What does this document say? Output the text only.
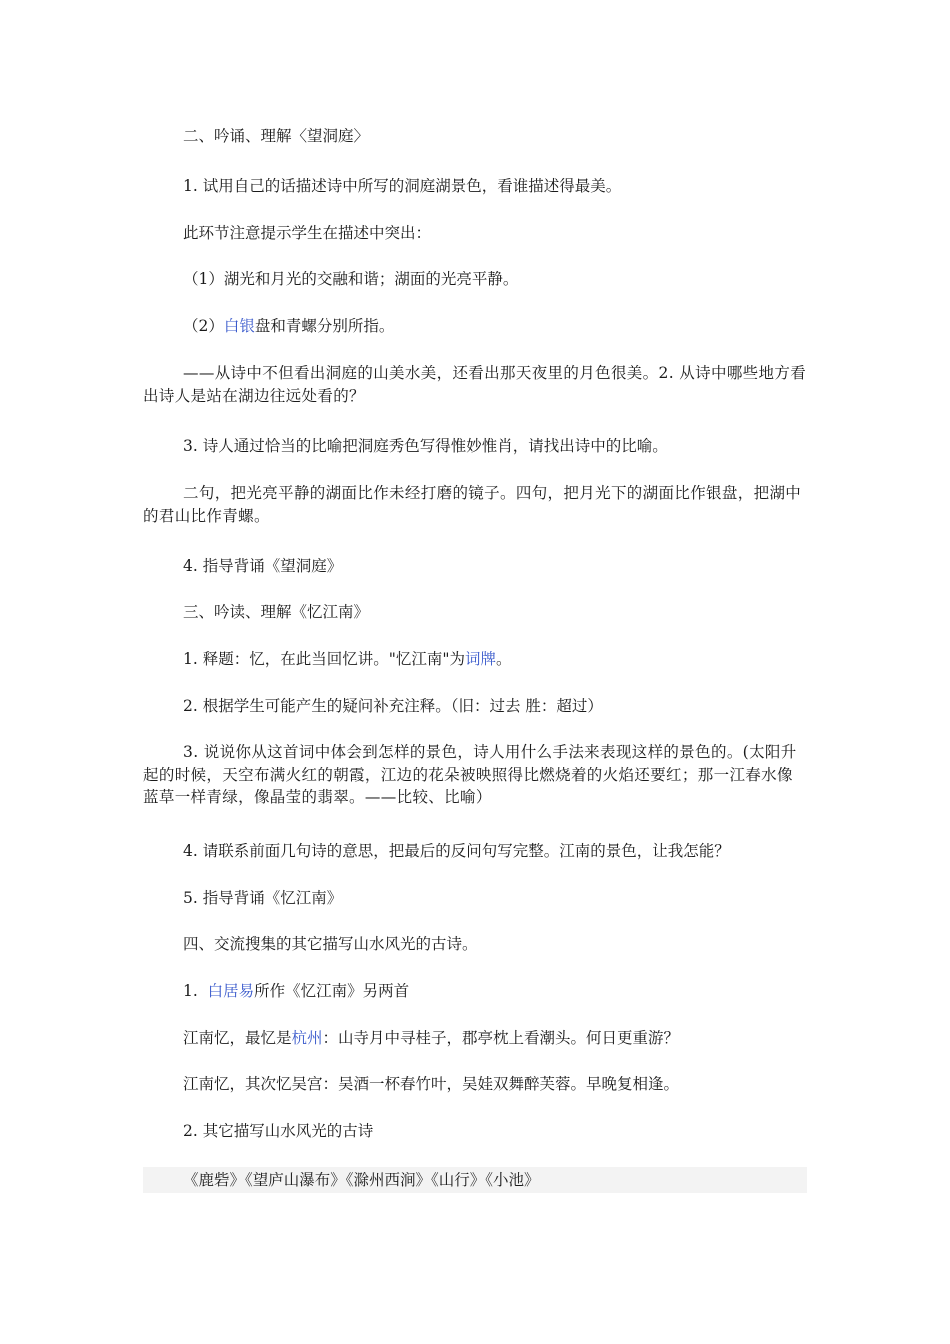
二、吟诵、理解〈望洞庭〉
1. 试用自己的话描述诗中所写的洞庭湖景色，看谁描述得最美。
此环节注意提示学生在描述中突出：
（1）湖光和月光的交融和谐；湖面的光亮平静。
（2）白银盘和青螺分别所指。
——从诗中不但看出洞庭的山美水美，还看出那天夜里的月色很美。2. 从诗中哪些地方看出诗人是站在湖边往远处看的？
3. 诗人通过恰当的比喻把洞庭秀色写得惟妙惟肖，请找出诗中的比喻。
二句，把光亮平静的湖面比作未经打磨的镜子。四句，把月光下的湖面比作银盘，把湖中的君山比作青螺。
4. 指导背诵《望洞庭》
三、吟读、理解《忆江南》
1. 释题：忆，在此当回忆讲。"忆江南"为词牌。
2. 根据学生可能产生的疑问补充注释。（旧：过去 胜：超过）
3. 说说你从这首词中体会到怎样的景色，诗人用什么手法来表现这样的景色的。(太阳升起的时候，天空布满火红的朝霞，江边的花朵被映照得比燃烧着的火焰还要红；那一江春水像蓝草一样青绿，像晶莹的翡翠。——比较、比喻）
4. 请联系前面几句诗的意思，把最后的反问句写完整。江南的景色，让我怎能？
5. 指导背诵《忆江南》
四、交流搜集的其它描写山水风光的古诗。
1.  白居易所作《忆江南》另两首
江南忆，最忆是杭州：山寺月中寻桂子，郡亭枕上看潮头。何日更重游？
江南忆，其次忆吴宫：吴酒一杯春竹叶，吴娃双舞醉芙蓉。早晚复相逢。
2. 其它描写山水风光的古诗
《鹿砦》《望庐山瀑布》《滁州西涧》《山行》《小池》
